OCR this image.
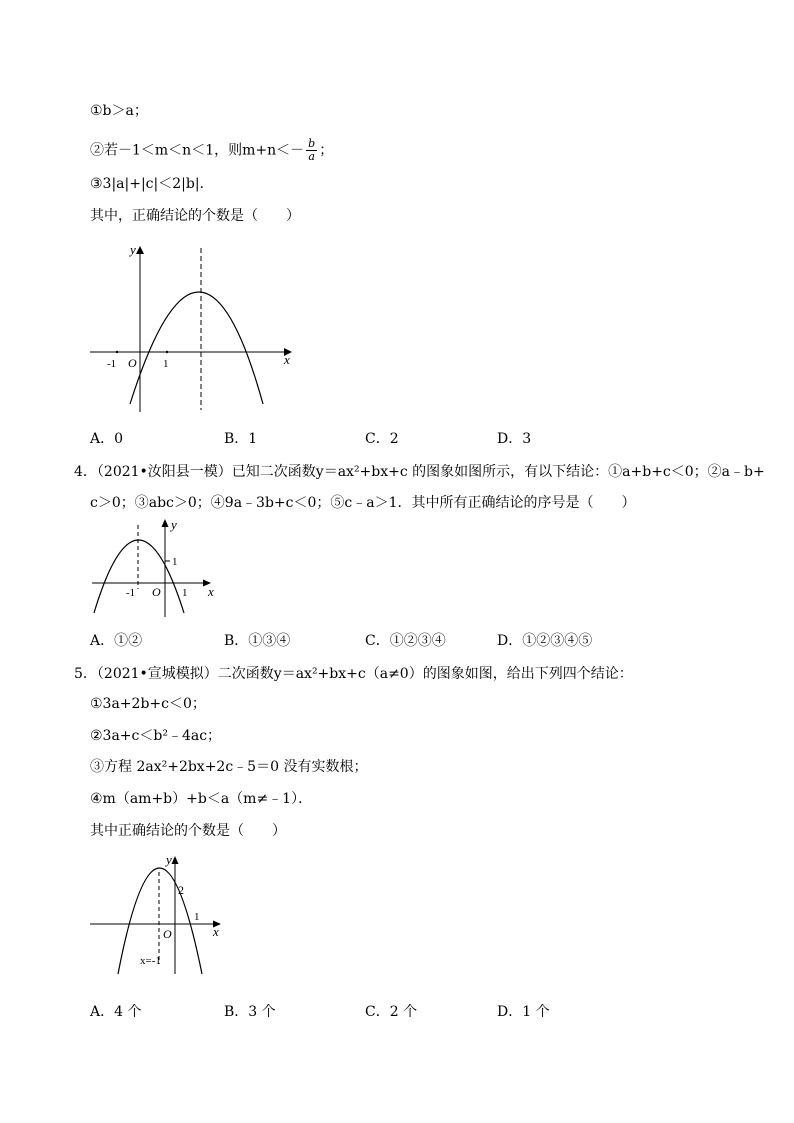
①b＞a；
②若－1＜m＜n＜1，则$m+n<- \frac{b}{a}$ ；
③3|a|+|c|＜2|b|.
其中，正确结论的个数是（　　）
y
x
O
-1	1
A．0	B．1	C．2	D．3
4．（2021•汝阳县一模）已知二次函数y＝ax²+bx+c 的图象如图所示，有以下结论：①a+b+c＜0；②a﹣b+
c＞0；③abc＞0；④9a﹣3b+c＜0；⑤c﹣a＞1．其中所有正确结论的序号是（　　）
y
x
O
-1	1
1
A．①②	B．①③④	C．①②③④	D．①②③④⑤
5．（2021•宣城模拟）二次函数y＝ax²+bx+c（a≠0）的图象如图，给出下列四个结论：
①3a+2b+c＜0；
②3a+c＜b²﹣4ac；
③方程 2ax²+2bx+2c﹣5＝0 没有实数根；
④m（am+b）+b＜a（m≠﹣1）．
其中正确结论的个数是（　　）
y
x
O
2
1
x=-1
A．4 个	B．3 个	C．2 个	D．1 个
